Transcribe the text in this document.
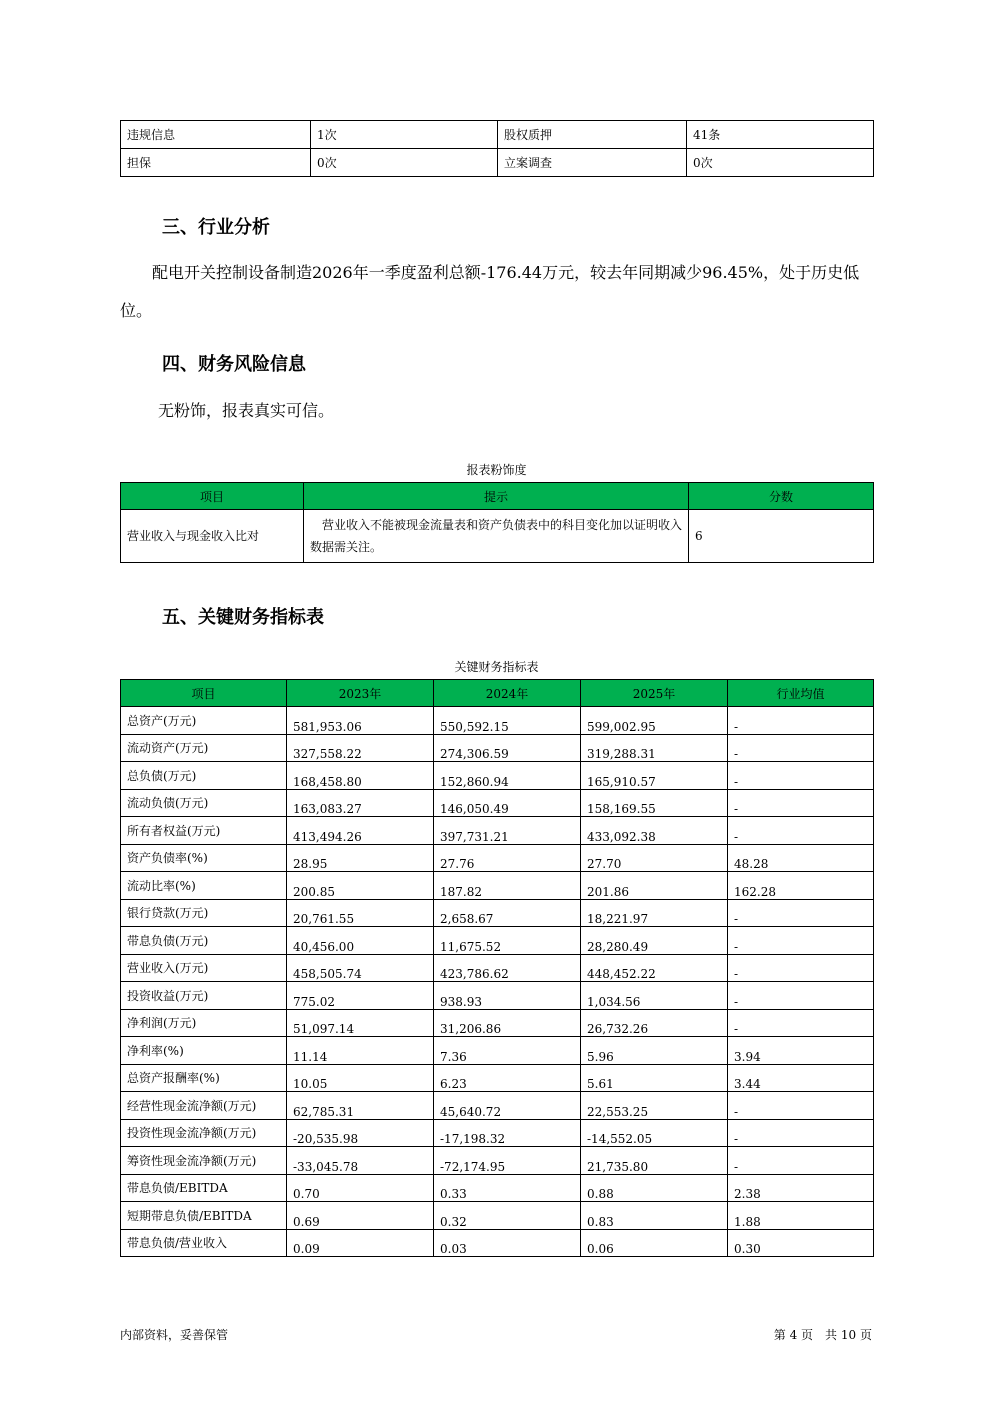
违规信息	1次	股权质押	41条
担保	0次	立案调查	0次
三、行业分析
配电开关控制设备制造2026年一季度盈利总额-176.44万元，较去年同期减少96.45%，处于历史低位。
四、财务风险信息
无粉饰，报表真实可信。
报表粉饰度
项目	提示	分数
营业收入与现金收入比对	营业收入不能被现金流量表和资产负债表中的科目变化加以证明收入数据需关注。	6
五、关键财务指标表
关键财务指标表
项目	2023年	2024年	2025年	行业均值
总资产(万元)	581,953.06	550,592.15	599,002.95	-
流动资产(万元)	327,558.22	274,306.59	319,288.31	-
总负债(万元)	168,458.80	152,860.94	165,910.57	-
流动负债(万元)	163,083.27	146,050.49	158,169.55	-
所有者权益(万元)	413,494.26	397,731.21	433,092.38	-
资产负债率(%)	28.95	27.76	27.70	48.28
流动比率(%)	200.85	187.82	201.86	162.28
银行贷款(万元)	20,761.55	2,658.67	18,221.97	-
带息负债(万元)	40,456.00	11,675.52	28,280.49	-
营业收入(万元)	458,505.74	423,786.62	448,452.22	-
投资收益(万元)	775.02	938.93	1,034.56	-
净利润(万元)	51,097.14	31,206.86	26,732.26	-
净利率(%)	11.14	7.36	5.96	3.94
总资产报酬率(%)	10.05	6.23	5.61	3.44
经营性现金流净额(万元)	62,785.31	45,640.72	22,553.25	-
投资性现金流净额(万元)	-20,535.98	-17,198.32	-14,552.05	-
筹资性现金流净额(万元)	-33,045.78	-72,174.95	21,735.80	-
带息负债/EBITDA	0.70	0.33	0.88	2.38
短期带息负债/EBITDA	0.69	0.32	0.83	1.88
带息负债/营业收入	0.09	0.03	0.06	0.30
内部资料，妥善保管	第 4 页　共 10 页
